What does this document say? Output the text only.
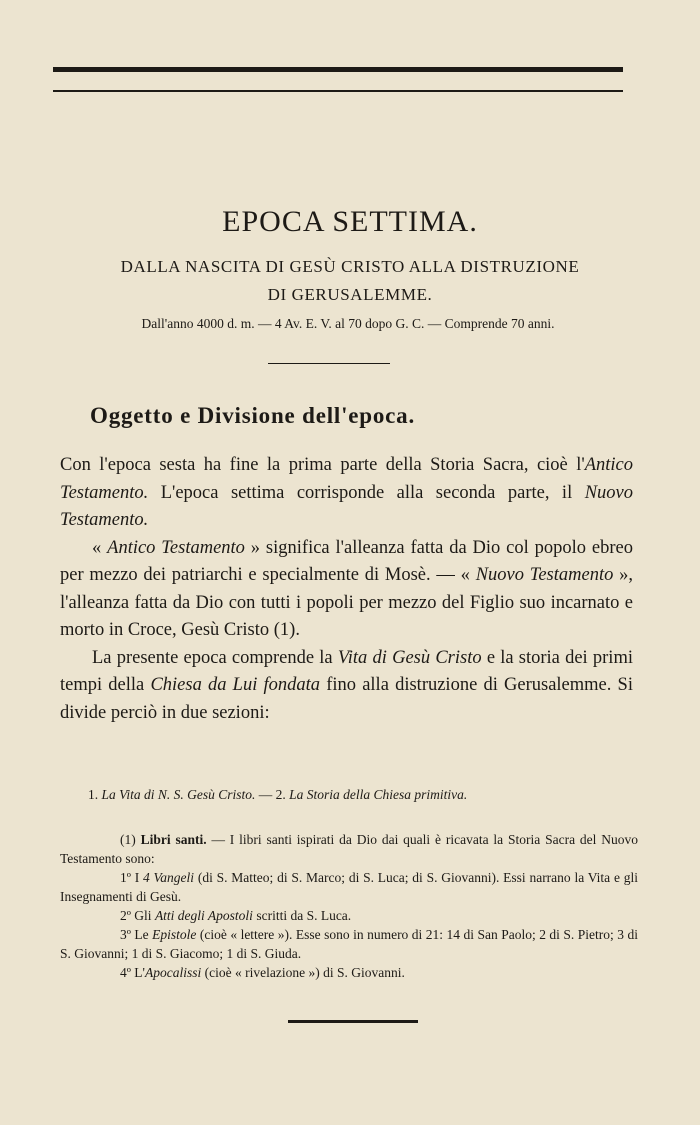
EPOCA SETTIMA.
DALLA NASCITA DI GESÙ CRISTO ALLA DISTRUZIONE
DI GERUSALEMME.
Dall'anno 4000 d. m. — 4 Av. E. V. al 70 dopo G. C. — Comprende 70 anni.
Oggetto e Divisione dell'epoca.

Con l'epoca sesta ha fine la prima parte della Storia Sacra, cioè l'Antico Testamento. L'epoca settima corrisponde alla seconda parte, il Nuovo Testamento.

« Antico Testamento » significa l'alleanza fatta da Dio col popolo ebreo per mezzo dei patriarchi e specialmente di Mosè. — « Nuovo Testamento », l'alleanza fatta da Dio con tutti i popoli per mezzo del Figlio suo incarnato e morto in Croce, Gesù Cristo (1).

La presente epoca comprende la Vita di Gesù Cristo e la storia dei primi tempi della Chiesa da Lui fondata fino alla distruzione di Gerusalemme. Si divide perciò in due sezioni:

1. La Vita di N. S. Gesù Cristo. — 2. La Storia della Chiesa primitiva.

(1) Libri santi. — I libri santi ispirati da Dio dai quali è ricavata la Storia Sacra del Nuovo Testamento sono:

1º I 4 Vangeli (di S. Matteo; di S. Marco; di S. Luca; di S. Giovanni). Essi narrano la Vita e gli Insegnamenti di Gesù.

2º Gli Atti degli Apostoli scritti da S. Luca.

3º Le Epistole (cioè « lettere »). Esse sono in numero di 21: 14 di San Paolo; 2 di S. Pietro; 3 di S. Giovanni; 1 di S. Giacomo; 1 di S. Giuda.

4º L'Apocalissi (cioè « rivelazione ») di S. Giovanni.
